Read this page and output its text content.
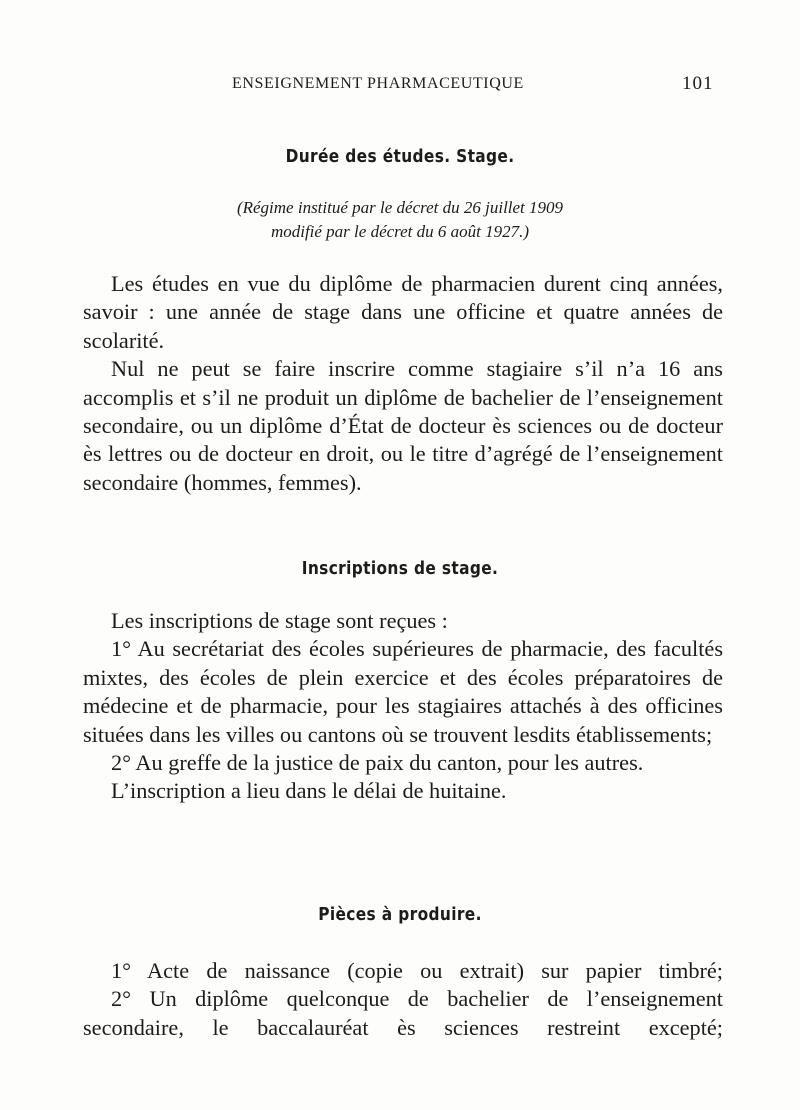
ENSEIGNEMENT PHARMACEUTIQUE	101
Durée des études. Stage.
(Régime institué par le décret du 26 juillet 1909
modifié par le décret du 6 août 1927.)

Les études en vue du diplôme de pharmacien durent cinq années, savoir : une année de stage dans une officine et quatre années de scolarité.

Nul ne peut se faire inscrire comme stagiaire s’il n’a 16 ans accomplis et s’il ne produit un diplôme de bachelier de l’enseignement secondaire, ou un diplôme d’État de docteur ès sciences ou de docteur ès lettres ou de docteur en droit, ou le titre d’agrégé de l’enseignement secondaire (hommes, femmes).

Inscriptions de stage.

Les inscriptions de stage sont reçues :

1° Au secrétariat des écoles supérieures de pharmacie, des facultés mixtes, des écoles de plein exercice et des écoles préparatoires de médecine et de pharmacie, pour les stagiaires attachés à des officines situées dans les villes ou cantons où se trouvent lesdits établissements;

2° Au greffe de la justice de paix du canton, pour les autres.

L’inscription a lieu dans le délai de huitaine.

Pièces à produire.

1° Acte de naissance (copie ou extrait) sur papier timbré;

2° Un diplôme quelconque de bachelier de l’enseignement secondaire, le baccalauréat ès sciences restreint excepté;
